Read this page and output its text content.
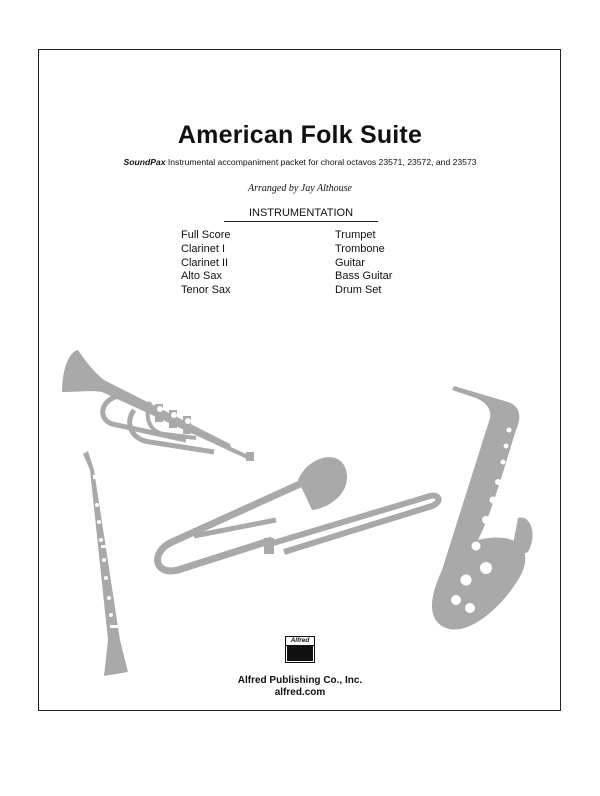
American Folk Suite
SoundPax Instrumental accompaniment packet for choral octavos 23571, 23572, and 23573
Arranged by Jay Althouse
INSTRUMENTATION
Full Score
Clarinet I
Clarinet II
Alto Sax
Tenor Sax
Trumpet
Trombone
Guitar
Bass Guitar
Drum Set
Alfred
Alfred Publishing Co., Inc.
alfred.com
